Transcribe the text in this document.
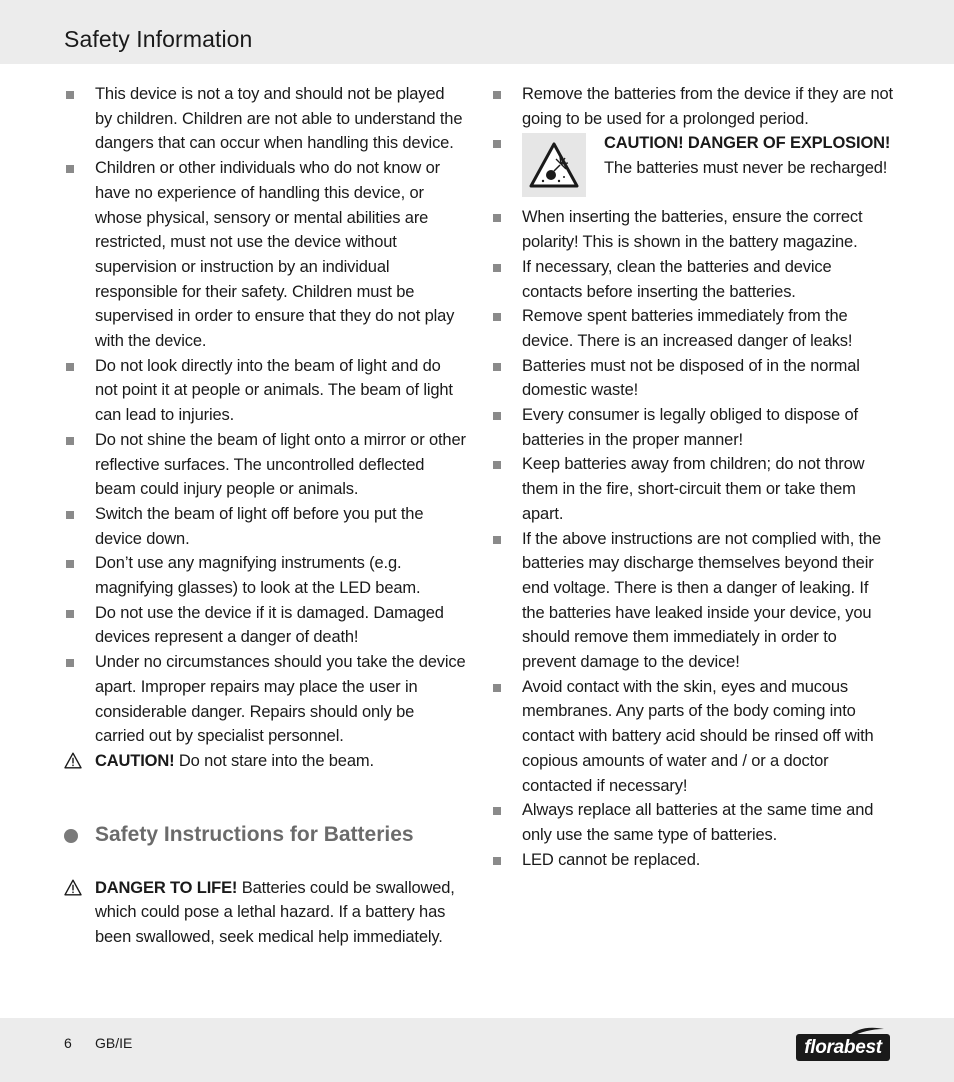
Safety Information
This device is not a toy and should not be played by children. Children are not able to understand the dangers that can occur when handling this device.
Children or other individuals who do not know or have no experience of handling this device, or whose physical, sensory or mental abilities are restricted, must not use the device without supervision or instruction by an individual responsible for their safety. Children must be supervised in order to ensure that they do not play with the device.
Do not look directly into the beam of light and do not point it at people or animals. The beam of light can lead to injuries.
Do not shine the beam of light onto a mirror or other reflective surfaces. The uncontrolled deflected beam could injury people or animals.
Switch the beam of light off before you put the device down.
Don’t use any magnifying instruments (e.g. magnifying glasses) to look at the LED beam.
Do not use the device if it is damaged. Damaged devices represent a danger of death!
Under no circumstances should you take the device apart. Improper repairs may place the user in considerable danger. Repairs should only be carried out by specialist personnel.

CAUTION! Do not stare into the beam.

Safety Instructions for Batteries

DANGER TO LIFE! Batteries could be swallowed, which could pose a lethal hazard. If a battery has been swallowed, seek medical help immediately.

Remove the batteries from the device if they are not going to be used for a prolonged period.
CAUTION! DANGER OF EXPLOSION! The batteries must never be recharged!
When inserting the batteries, ensure the correct polarity! This is shown in the battery magazine.
If necessary, clean the batteries and device contacts before inserting the batteries.
Remove spent batteries immediately from the device. There is an increased danger of leaks!
Batteries must not be disposed of in the normal domestic waste!
Every consumer is legally obliged to dispose of batteries in the proper manner!
Keep batteries away from children; do not throw them in the fire, short-circuit them or take them apart.
If the above instructions are not complied with, the batteries may discharge themselves beyond their end voltage. There is then a danger of leaking. If the batteries have leaked inside your device, you should remove them immediately in order to prevent damage to the device!
Avoid contact with the skin, eyes and mucous membranes. Any parts of the body coming into contact with battery acid should be rinsed off with copious amounts of water and / or a doctor contacted if necessary!
Always replace all batteries at the same time and only use the same type of batteries.
LED cannot be replaced.
6 GB/IE	florabest
